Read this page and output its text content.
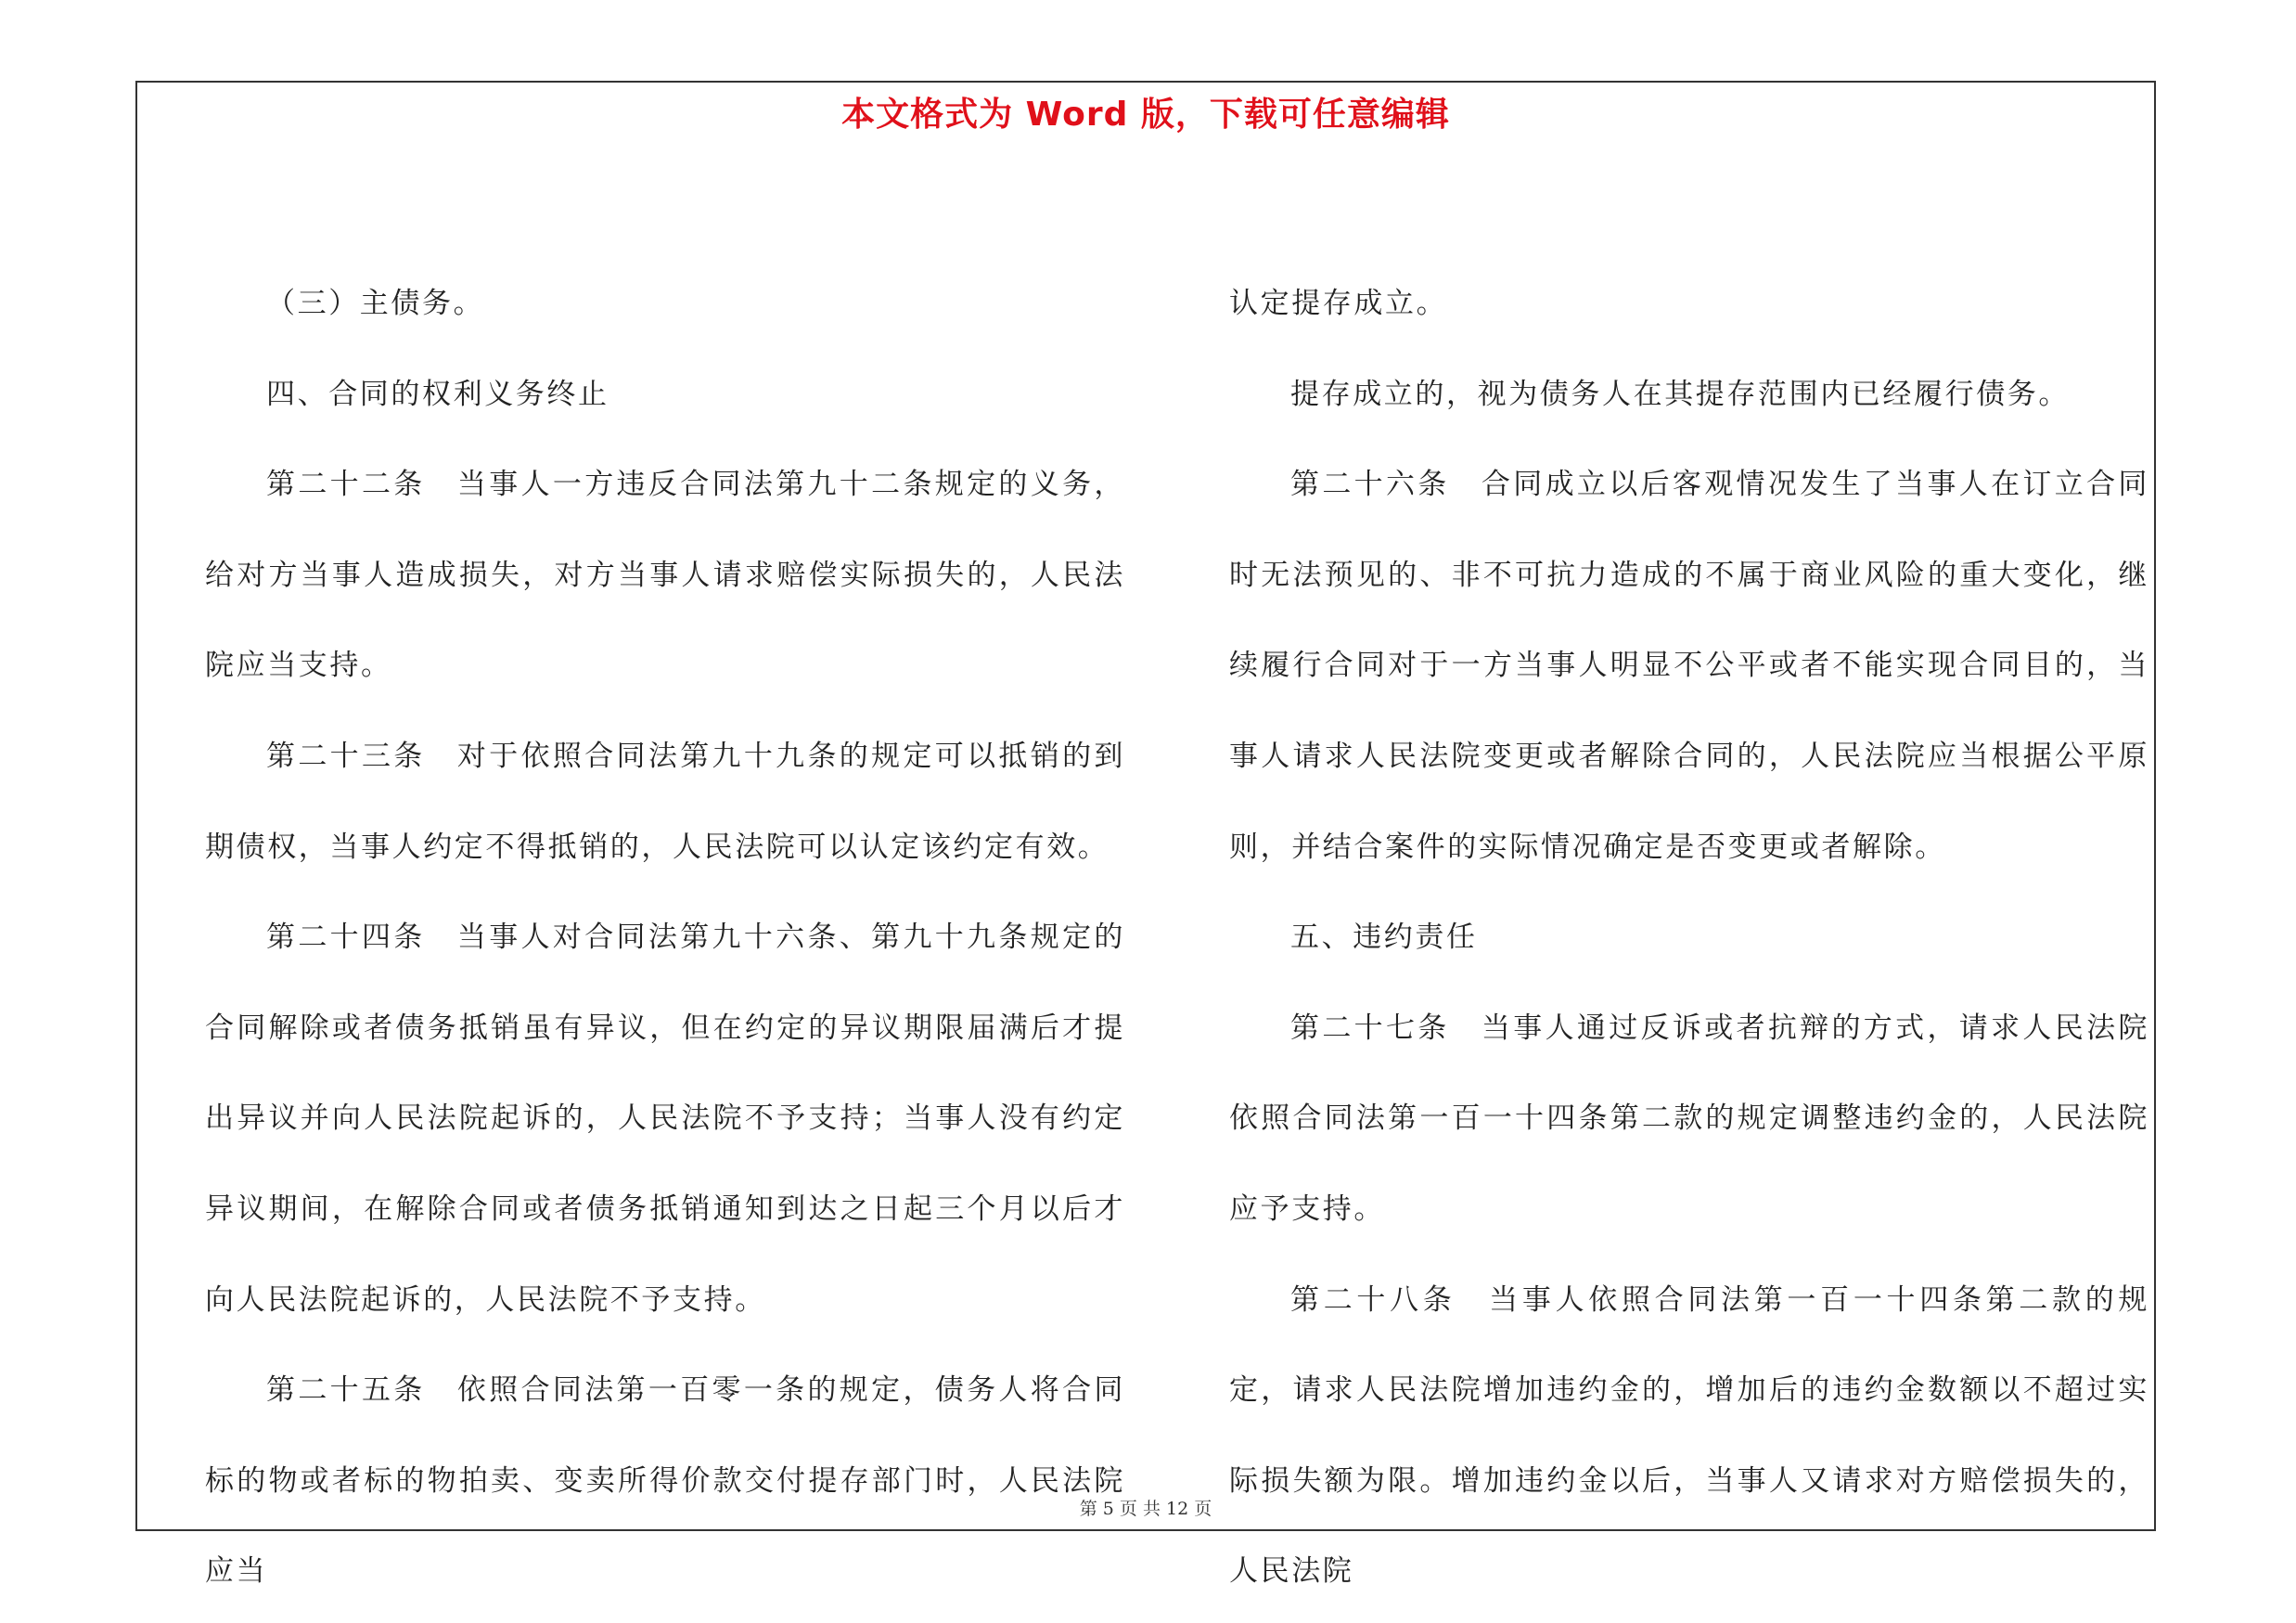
本文格式为 Word 版，下载可任意编辑

（三）主债务。

四、合同的权利义务终止

第二十二条　当事人一方违反合同法第九十二条规定的义务，给对方当事人造成损失，对方当事人请求赔偿实际损失的，人民法院应当支持。

第二十三条　对于依照合同法第九十九条的规定可以抵销的到期债权，当事人约定不得抵销的，人民法院可以认定该约定有效。

第二十四条　当事人对合同法第九十六条、第九十九条规定的合同解除或者债务抵销虽有异议，但在约定的异议期限届满后才提出异议并向人民法院起诉的，人民法院不予支持；当事人没有约定异议期间，在解除合同或者债务抵销通知到达之日起三个月以后才向人民法院起诉的，人民法院不予支持。

第二十五条　依照合同法第一百零一条的规定，债务人将合同标的物或者标的物拍卖、变卖所得价款交付提存部门时，人民法院应当

认定提存成立。

提存成立的，视为债务人在其提存范围内已经履行债务。

第二十六条　合同成立以后客观情况发生了当事人在订立合同时无法预见的、非不可抗力造成的不属于商业风险的重大变化，继续履行合同对于一方当事人明显不公平或者不能实现合同目的，当事人请求人民法院变更或者解除合同的，人民法院应当根据公平原则，并结合案件的实际情况确定是否变更或者解除。

五、违约责任

第二十七条　当事人通过反诉或者抗辩的方式，请求人民法院依照合同法第一百一十四条第二款的规定调整违约金的，人民法院应予支持。

第二十八条　当事人依照合同法第一百一十四条第二款的规定，请求人民法院增加违约金的，增加后的违约金数额以不超过实际损失额为限。增加违约金以后，当事人又请求对方赔偿损失的，人民法院

第 5 页 共 12 页
